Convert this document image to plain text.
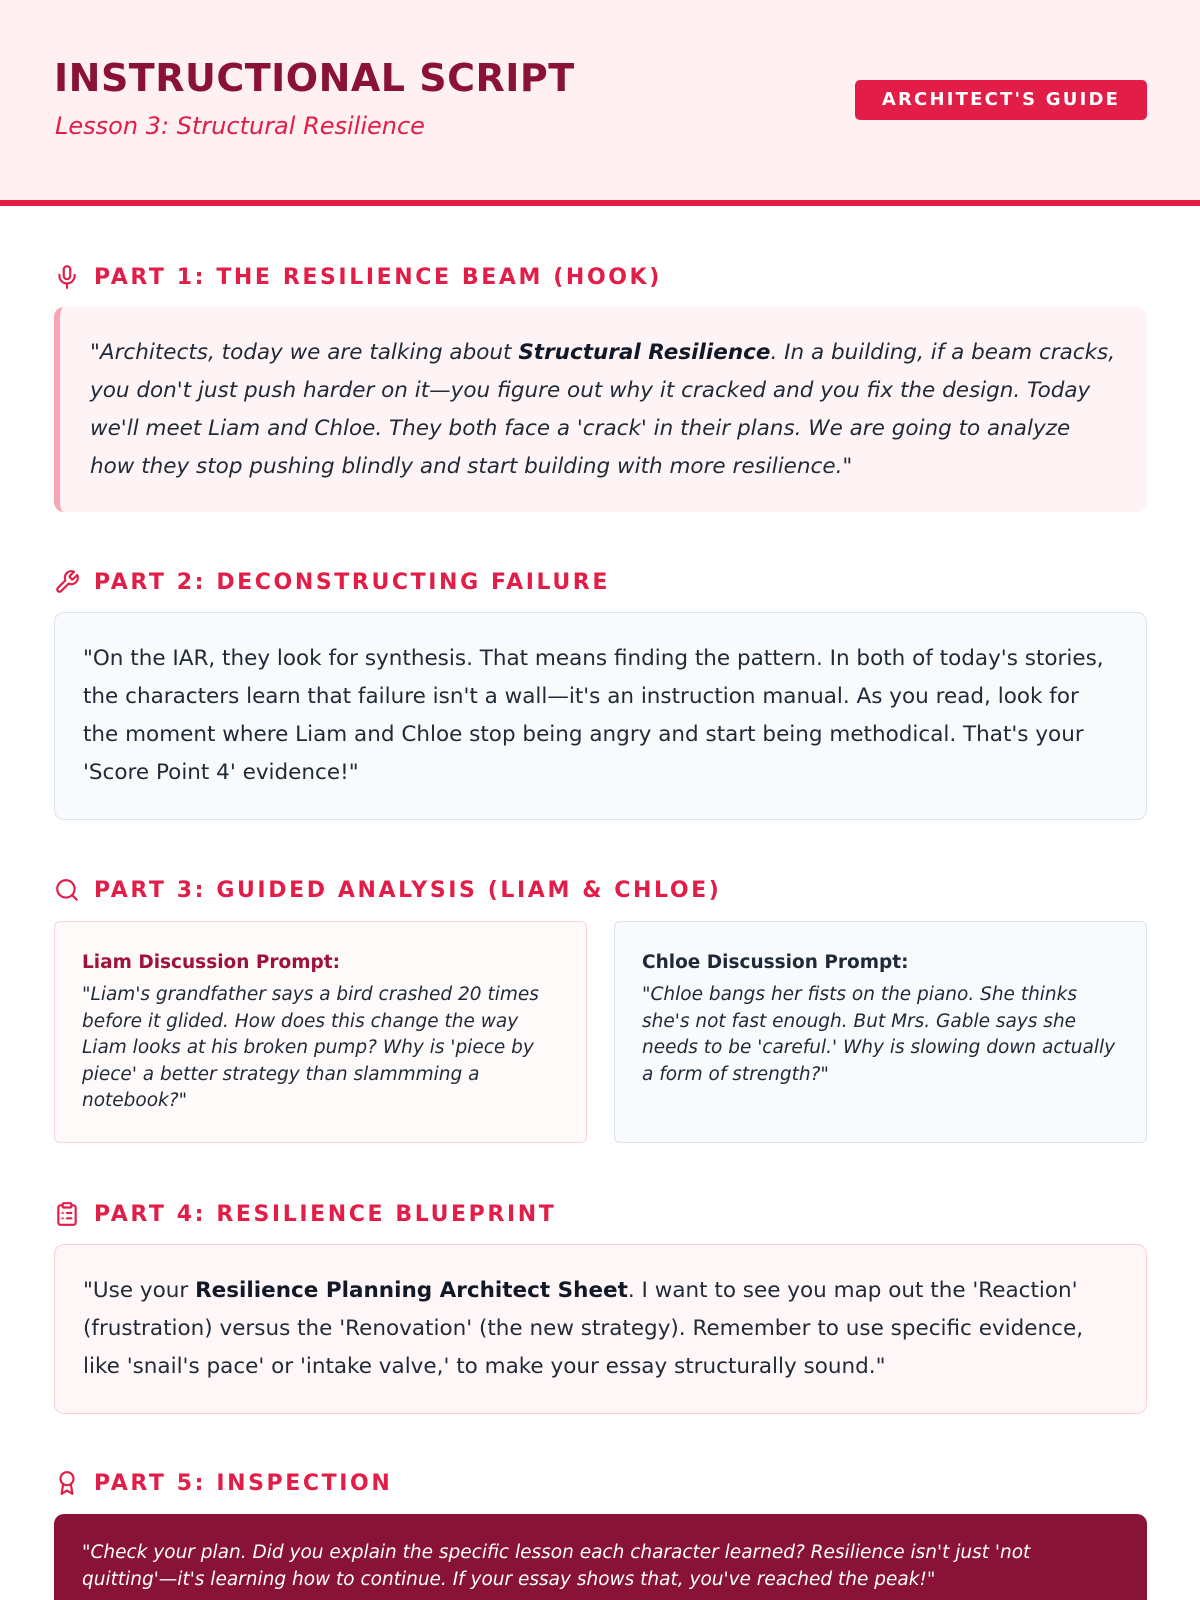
INSTRUCTIONAL SCRIPT
Lesson 3: Structural Resilience
ARCHITECT'S GUIDE
PART 1: THE RESILIENCE BEAM (HOOK)

"Architects, today we are talking about Structural Resilience. In a building, if a beam cracks, you don't just push harder on it—you figure out why it cracked and you fix the design. Today we'll meet Liam and Chloe. They both face a 'crack' in their plans. We are going to analyze how they stop pushing blindly and start building with more resilience."

PART 2: DECONSTRUCTING FAILURE

"On the IAR, they look for synthesis. That means finding the pattern. In both of today's stories, the characters learn that failure isn't a wall—it's an instruction manual. As you read, look for the moment where Liam and Chloe stop being angry and start being methodical. That's your 'Score Point 4' evidence!"

PART 3: GUIDED ANALYSIS (LIAM & CHLOE)
Liam Discussion Prompt:
"Liam's grandfather says a bird crashed 20 times before it glided. How does this change the way Liam looks at his broken pump? Why is 'piece by piece' a better strategy than slammming a notebook?"
Chloe Discussion Prompt:
"Chloe bangs her fists on the piano. She thinks she's not fast enough. But Mrs. Gable says she needs to be 'careful.' Why is slowing down actually a form of strength?"
PART 4: RESILIENCE BLUEPRINT

"Use your Resilience Planning Architect Sheet. I want to see you map out the 'Reaction' (frustration) versus the 'Renovation' (the new strategy). Remember to use specific evidence, like 'snail's pace' or 'intake valve,' to make your essay structurally sound."

PART 5: INSPECTION

"Check your plan. Did you explain the specific lesson each character learned? Resilience isn't just 'not quitting'—it's learning how to continue. If your essay shows that, you've reached the peak!"
